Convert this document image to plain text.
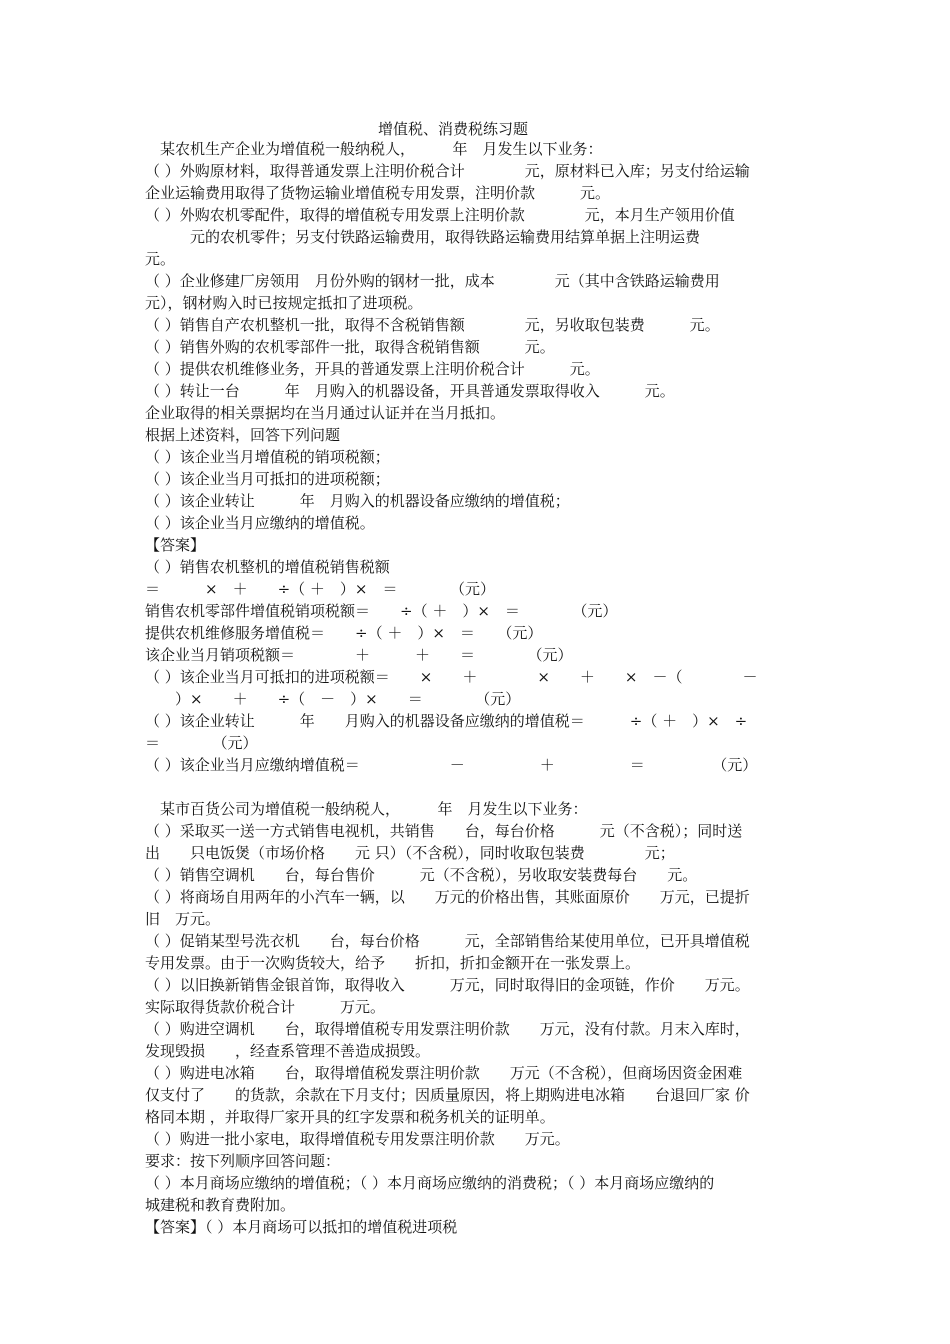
增值税、消费税练习题
　某农机生产企业为增值税一般纳税人，　　　年　月发生以下业务：
（ ）外购原材料，取得普通发票上注明价税合计　　　　元，原材料已入库；另支付给运输
企业运输费用取得了货物运输业增值税专用发票，注明价款　　　元。
（ ）外购农机零配件，取得的增值税专用发票上注明价款　　　　元，本月生产领用价值
　　　元的农机零件；另支付铁路运输费用，取得铁路运输费用结算单据上注明运费
元。
（ ）企业修建厂房领用　月份外购的钢材一批，成本　　　　元（其中含铁路运输费用
元），钢材购入时已按规定抵扣了进项税。
（ ）销售自产农机整机一批，取得不含税销售额　　　　元，另收取包装费　　　元。
（ ）销售外购的农机零部件一批，取得含税销售额　　　元。
（ ）提供农机维修业务，开具的普通发票上注明价税合计　　　元。
（ ）转让一台　　　年　月购入的机器设备，开具普通发票取得收入　　　元。
企业取得的相关票据均在当月通过认证并在当月抵扣。
根据上述资料，回答下列问题
（ ）该企业当月增值税的销项税额；
（ ）该企业当月可抵扣的进项税额；
（ ）该企业转让　　　年　月购入的机器设备应缴纳的增值税；
（ ）该企业当月应缴纳的增值税。
【答案】
（ ）销售农机整机的增值税销售税额
＝　　　×　＋　　÷（ ＋　）×　＝　　　　（元）
销售农机零部件增值税销项税额＝　　÷（ ＋　）×　＝　　　　（元）
提供农机维修服务增值税＝　　÷（ ＋　）×　＝　　（元）
该企业当月销项税额＝　　　　＋　　　＋　　＝　　　　（元）
（ ）该企业当月可抵扣的进项税额＝　　×　　＋　　　　×　　＋　　×　－（　　　　－
　　）×　　＋　　÷（　－　）×　　＝　　　　（元）
（ ）该企业转让　　　年　　月购入的机器设备应缴纳的增值税＝　　　÷（ ＋　）×　÷
＝　　　　（元）
（ ）该企业当月应缴纳增值税＝　　　　　　－　　　　　＋　　　　　＝　　　　　（元）
　某市百货公司为增值税一般纳税人，　　　年　月发生以下业务：
（ ）采取买一送一方式销售电视机，共销售　　台，每台价格　　　元（不含税）；同时送
出　　只电饭煲（市场价格　　元 只）（不含税），同时收取包装费　　　　元；
（ ）销售空调机　　台，每台售价　　　元（不含税），另收取安装费每台　　元。
（ ）将商场自用两年的小汽车一辆，以　　万元的价格出售，其账面原价　　万元，已提折
旧　万元。
（ ）促销某型号洗衣机　　台，每台价格　　　元，全部销售给某使用单位，已开具增值税
专用发票。由于一次购货较大，给予　　折扣，折扣金额开在一张发票上。
（ ）以旧换新销售金银首饰，取得收入　　　万元，同时取得旧的金项链，作价　　万元。
实际取得货款价税合计　　　万元。
（ ）购进空调机　　台，取得增值税专用发票注明价款　　万元，没有付款。月末入库时，
发现毁损　　，经查系管理不善造成损毁。
（ ）购进电冰箱　　台，取得增值税发票注明价款　　万元（不含税），但商场因资金困难
仅支付了　　的货款，余款在下月支付；因质量原因，将上期购进电冰箱　　台退回厂家 价
格同本期 ，并取得厂家开具的红字发票和税务机关的证明单。
（ ）购进一批小家电，取得增值税专用发票注明价款　　万元。
要求：按下列顺序回答问题：
（ ）本月商场应缴纳的增值税；（ ）本月商场应缴纳的消费税；（ ）本月商场应缴纳的
城建税和教育费附加。
【答案】（ ）本月商场可以抵扣的增值税进项税
